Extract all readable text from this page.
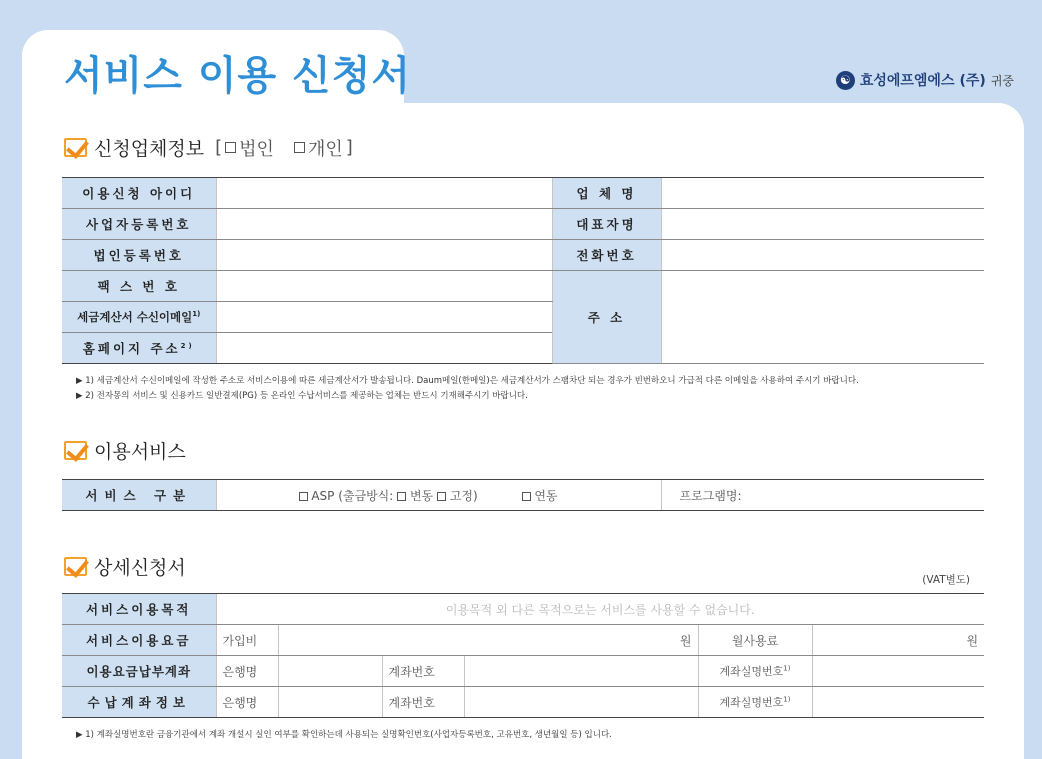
서비스 이용 신청서	☯ 효성에프엠에스 (주) 귀중
신청업체정보 [ 법인 개인 ]
이용신청 아이디		업 체 명	
사업자등록번호		대표자명	
법인등록번호		전화번호	
팩 스 번 호		주 소	
세금계산서 수신이메일$^{1)}$	
홈페이지 주소$^{2)}$	
▶ 1) 세금계산서 수신이메일에 작성한 주소로 서비스이용에 따른 세금계산서가 발송됩니다. Daum메일(한메일)은 세금계산서가 스팸차단 되는 경우가 빈번하오니 가급적 다른 이메일을 사용하여 주시기 바랍니다.
▶ 2) 전자몽의 서비스 및 신용카드 일반결제(PG) 등 온라인 수납서비스를 제공하는 업체는 반드시 기재해주시기 바랍니다.
이용서비스
서비스 구분	ASP (출금방식: 변동 고정)	연동	프로그램명:
상세신청서
(VAT별도)
서비스이용목적	이용목적 외 다른 목적으로는 서비스를 사용할 수 없습니다.					
서비스이용요금	가입비	원			월사용료	원
이용요금납부계좌	은행명		계좌번호		계좌실명번호$^{1)}$	
수납계좌정보	은행명		계좌번호		계좌실명번호$^{1)}$	
▶ 1) 계좌실명번호란 금융기관에서 계좌 개설시 실인 여부를 확인하는데 사용되는 실명확인번호(사업자등록번호, 고유번호, 생년월일 등) 입니다.
